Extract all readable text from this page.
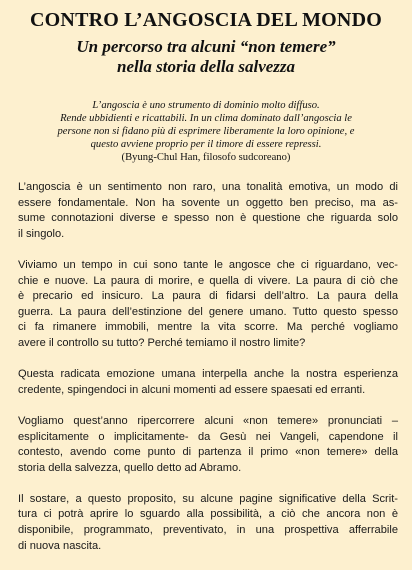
CONTRO L’ANGOSCIA DEL MONDO
Un percorso tra alcuni “non temere”
nella storia della salvezza
L’angoscia è uno strumento di dominio molto diffuso.
Rende ubbidienti e ricattabili. In un clima dominato dall’angoscia le
persone non si fidano più di esprimere liberamente la loro opinione, e
questo avviene proprio per il timore di essere repressi.
(Byung-Chul Han, filosofo sudcoreano)

L’angoscia è un sentimento non raro, una tonalità emotiva, un modo di
essere fondamentale. Non ha sovente un oggetto ben preciso, ma as-
sume connotazioni diverse e spesso non è questione che riguarda solo
il singolo.

Viviamo un tempo in cui sono tante le angosce che ci riguardano, vec-
chie e nuove. La paura di morire, e quella di vivere. La paura di ciò che
è precario ed insicuro. La paura di fidarsi dell’altro. La paura della
guerra. La paura dell’estinzione del genere umano. Tutto questo spesso
ci fa rimanere immobili, mentre la vita scorre. Ma perché vogliamo
avere il controllo su tutto? Perché temiamo il nostro limite?

Questa radicata emozione umana interpella anche la nostra esperienza
credente, spingendoci in alcuni momenti ad essere spaesati ed erranti.

Vogliamo quest’anno ripercorrere alcuni «non temere» pronunciati –
esplicitamente o implicitamente- da Gesù nei Vangeli, capendone il
contesto, avendo come punto di partenza il primo «non temere» della
storia della salvezza, quello detto ad Abramo.

Il sostare, a questo proposito, su alcune pagine significative della Scrit-
tura ci potrà aprire lo sguardo alla possibilità, a ciò che ancora non è
disponibile, programmato, preventivato, in una prospettiva afferrabile
di nuova nascita.
